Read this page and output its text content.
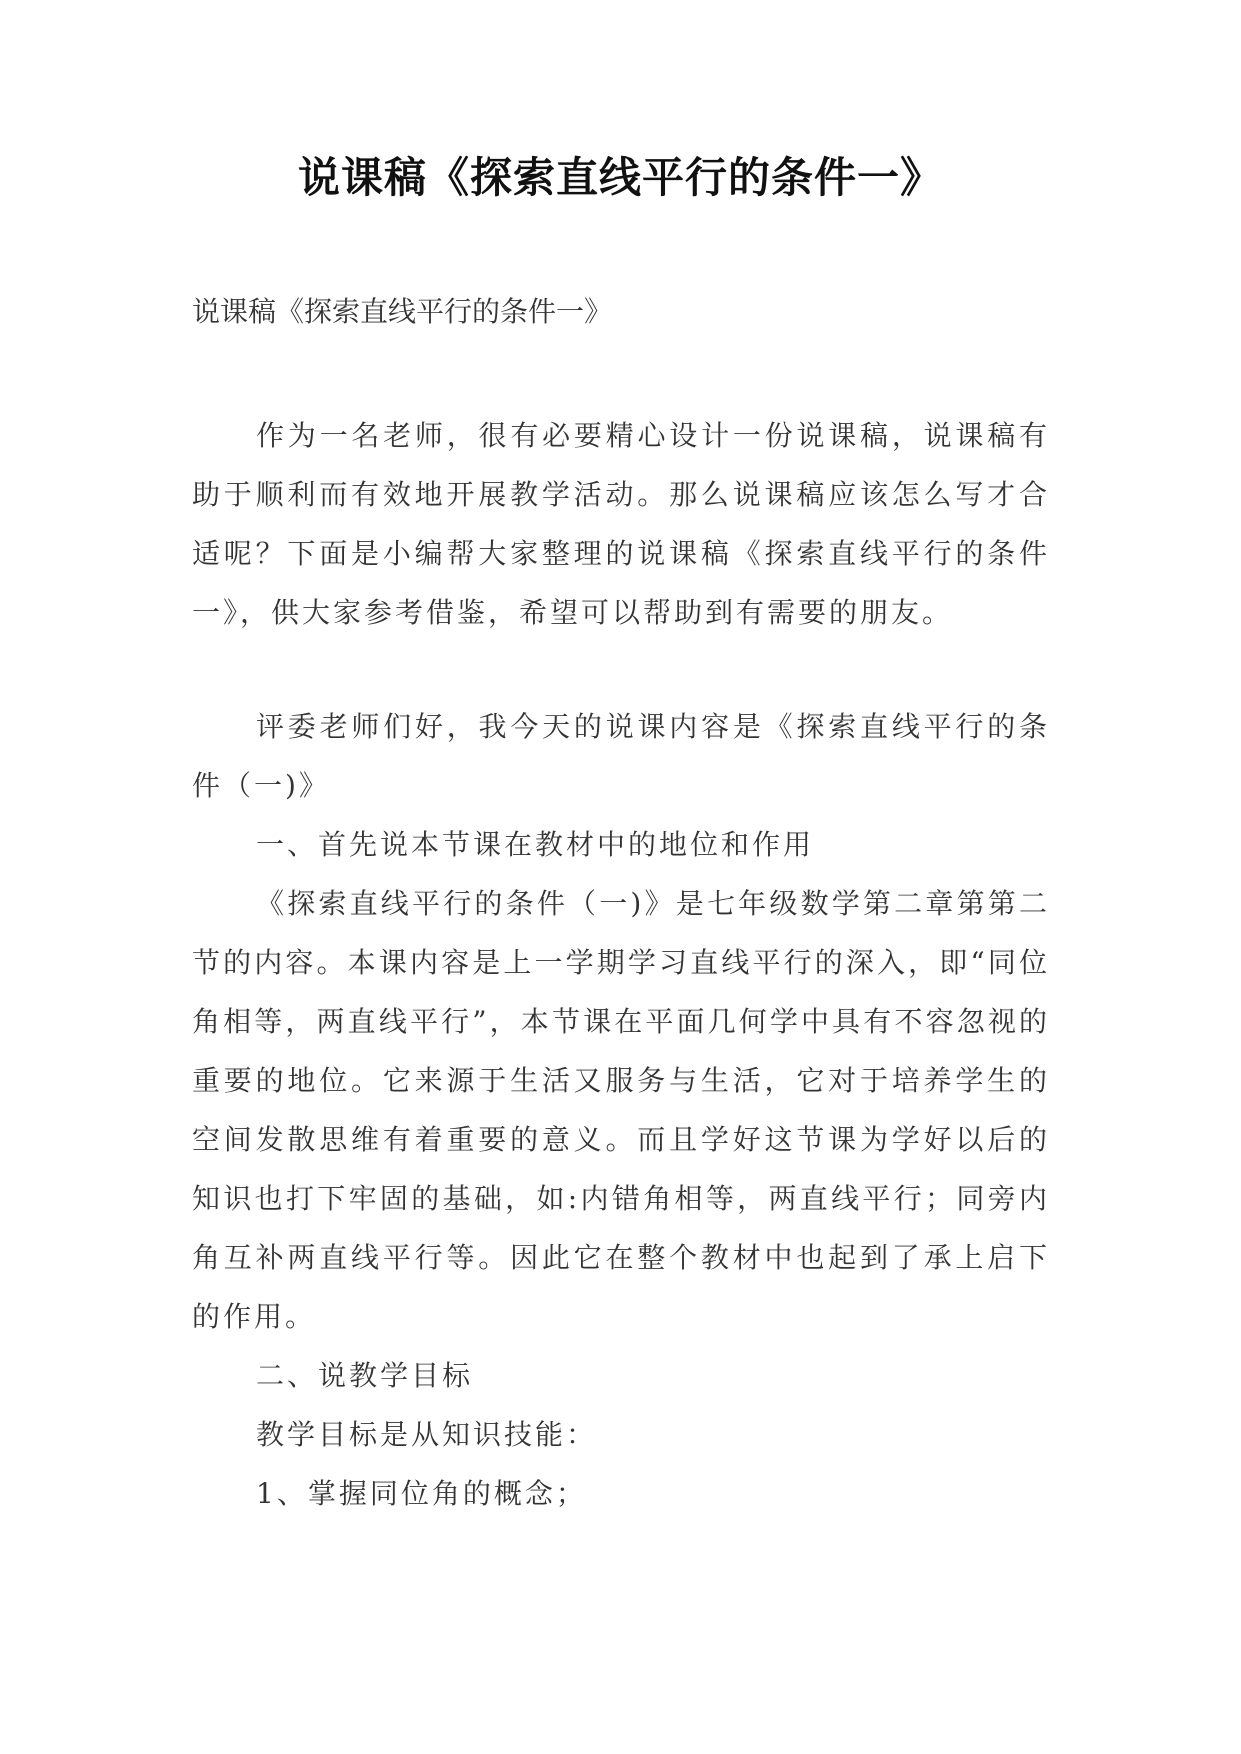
说课稿《探索直线平行的条件一》
说课稿《探索直线平行的条件一》

作为一名老师，很有必要精心设计一份说课稿，说课稿有助于顺利而有效地开展教学活动。那么说课稿应该怎么写才合适呢？下面是小编帮大家整理的说课稿《探索直线平行的条件一》，供大家参考借鉴，希望可以帮助到有需要的朋友。

评委老师们好，我今天的说课内容是《探索直线平行的条件（一)》

一、首先说本节课在教材中的地位和作用

《探索直线平行的条件（一)》是七年级数学第二章第第二节的内容。本课内容是上一学期学习直线平行的深入，即“同位角相等，两直线平行”，本节课在平面几何学中具有不容忽视的重要的地位。它来源于生活又服务与生活，它对于培养学生的空间发散思维有着重要的意义。而且学好这节课为学好以后的知识也打下牢固的基础，如:内错角相等，两直线平行；同旁内角互补两直线平行等。因此它在整个教材中也起到了承上启下的作用。

二、说教学目标

教学目标是从知识技能：

1、掌握同位角的概念；
